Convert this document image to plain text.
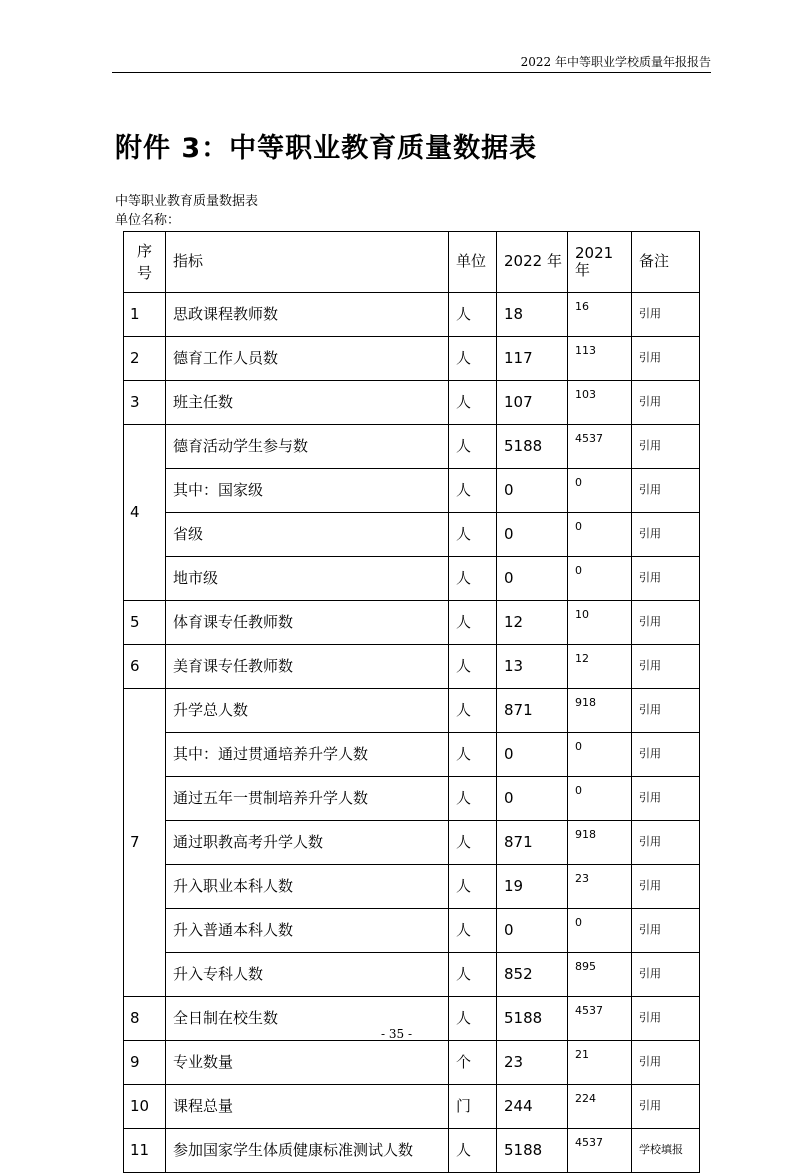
2022 年中等职业学校质量年报报告
附件 3：中等职业教育质量数据表
中等职业教育质量数据表
单位名称：
序
号	指标	单位	2022 年	2021 年	备注
1	思政课程教师数	人	18	16	引用
2	德育工作人员数	人	117	113	引用
3	班主任数	人	107	103	引用
4	德育活动学生参与数	人	5188	4537	引用
	其中：国家级	人	0	0	引用
	省级	人	0	0	引用
	地市级	人	0	0	引用
5	体育课专任教师数	人	12	10	引用
6	美育课专任教师数	人	13	12	引用
7	升学总人数	人	871	918	引用
	其中：通过贯通培养升学人数	人	0	0	引用
	通过五年一贯制培养升学人数	人	0	0	引用
	通过职教高考升学人数	人	871	918	引用
	升入职业本科人数	人	19	23	引用
	升入普通本科人数	人	0	0	引用
	升入专科人数	人	852	895	引用
8	全日制在校生数	人	5188	4537	引用
9	专业数量	个	23	21	引用
10	课程总量	门	244	224	引用
11	参加国家学生体质健康标准测试人数	人	5188	4537	学校填报
- 35 -
